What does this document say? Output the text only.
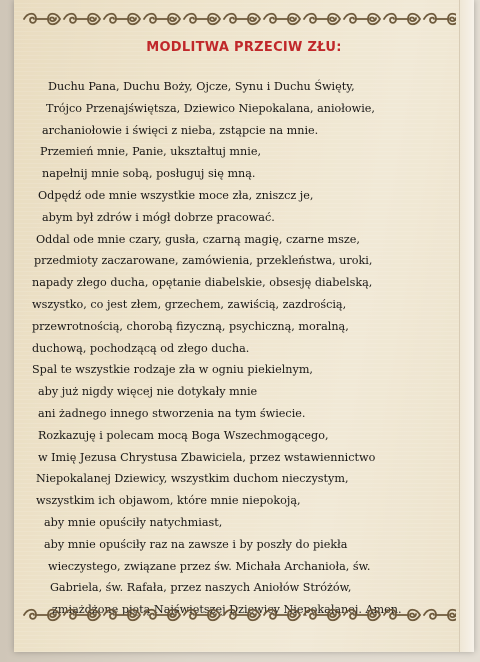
MODLITWA PRZECIW ZŁU:
Duchu Pana, Duchu Boży, Ojcze, Synu i Duchu Święty,
Trójco Przenajświętsza, Dziewico Niepokalana, aniołowie,
archaniołowie i święci z nieba, zstąpcie na mnie.
Przemień mnie, Panie, ukształtuj mnie,
napełnij mnie sobą, posługuj się mną.
Odpędź ode mnie wszystkie moce zła, zniszcz je,
abym był zdrów i mógł dobrze pracować.
Oddal ode mnie czary, gusła, czarną magię, czarne msze,
przedmioty zaczarowane, zamówienia, przekleństwa, uroki,
napady złego ducha, opętanie diabelskie, obsesję diabelską,
wszystko, co jest złem, grzechem, zawiścią, zazdrością,
przewrotnością, chorobą fizyczną, psychiczną, moralną,
duchową, pochodzącą od złego ducha.
Spal te wszystkie rodzaje zła w ogniu piekielnym,
aby już nigdy więcej nie dotykały mnie
ani żadnego innego stworzenia na tym świecie.
Rozkazuję i polecam mocą Boga Wszechmogącego,
w Imię Jezusa Chrystusa Zbawiciela, przez wstawiennictwo
Niepokalanej Dziewicy, wszystkim duchom nieczystym,
wszystkim ich objawom, które mnie niepokoją,
aby mnie opuściły natychmiast,
aby mnie opuściły raz na zawsze i by poszły do piekła
wieczystego, związane przez św. Michała Archanioła, św.
Gabriela, św. Rafała, przez naszych Aniołów Stróżów,
zmiażdżone piętą Najświętszej Dziewicy Niepokalanej. Amen.
